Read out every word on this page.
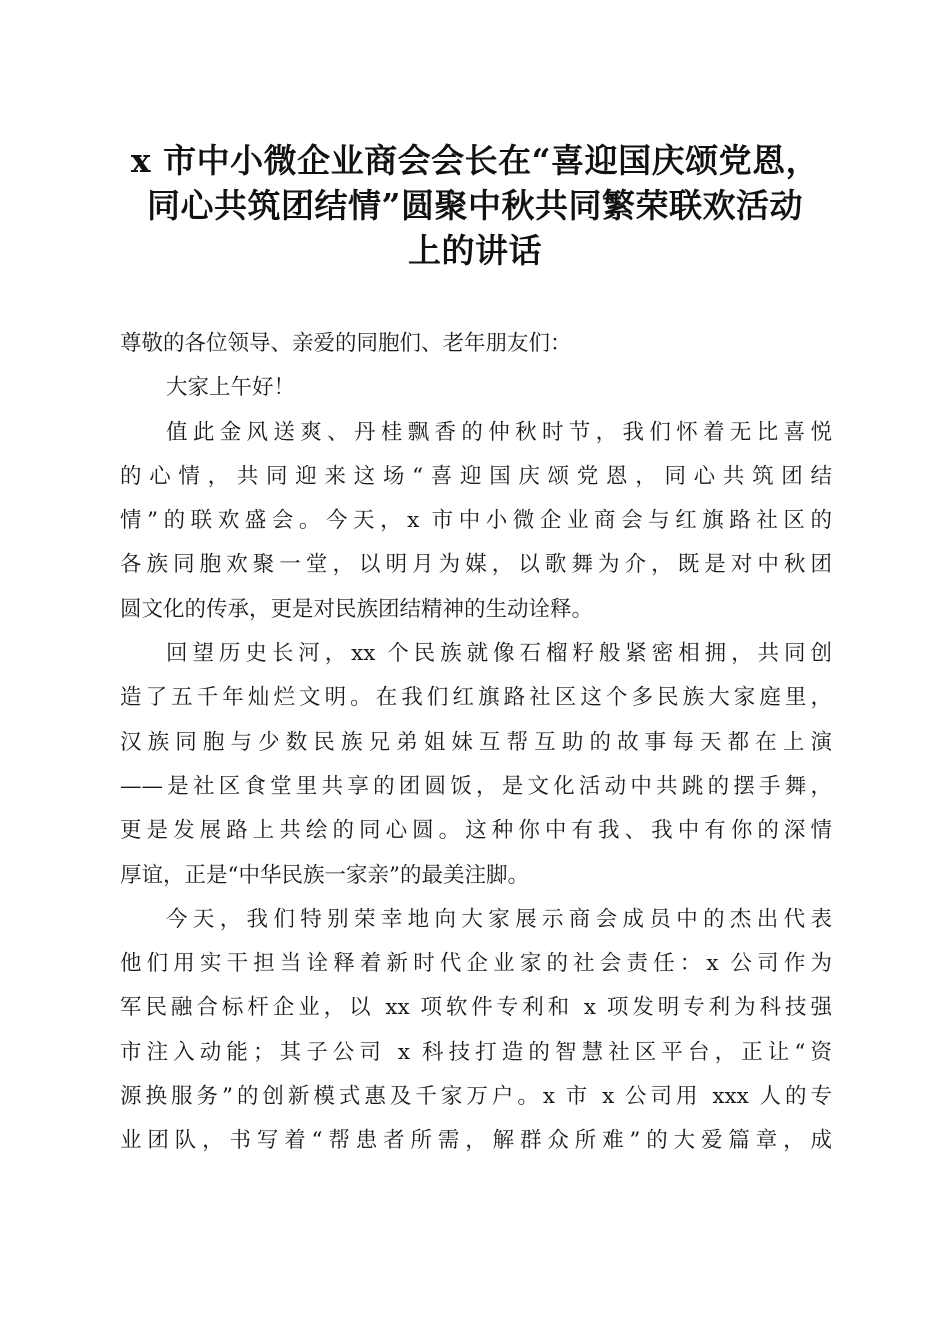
x 市中小微企业商会会长在“喜迎国庆颂党恩，
同心共筑团结情”圆聚中秋共同繁荣联欢活动
上的讲话

尊敬的各位领导、亲爱的同胞们、老年朋友们：

大家上午好！

值此金风送爽、丹桂飘香的仲秋时节，我们怀着无比喜悦
的心情，共同迎来这场“喜迎国庆颂党恩，同心共筑团结
情”的联欢盛会。今天，x 市中小微企业商会与红旗路社区的
各族同胞欢聚一堂，以明月为媒，以歌舞为介，既是对中秋团
圆文化的传承，更是对民族团结精神的生动诠释。

回望历史长河，xx 个民族就像石榴籽般紧密相拥，共同创
造了五千年灿烂文明。在我们红旗路社区这个多民族大家庭里，
汉族同胞与少数民族兄弟姐妹互帮互助的故事每天都在上演
——是社区食堂里共享的团圆饭，是文化活动中共跳的摆手舞，
更是发展路上共绘的同心圆。这种你中有我、我中有你的深情
厚谊，正是“中华民族一家亲”的最美注脚。

今天，我们特别荣幸地向大家展示商会成员中的杰出代表
他们用实干担当诠释着新时代企业家的社会责任：x 公司作为
军民融合标杆企业，以 xx 项软件专利和 x 项发明专利为科技强
市注入动能；其子公司 x 科技打造的智慧社区平台，正让“资
源换服务”的创新模式惠及千家万户。x 市 x 公司用 xxx 人的专
业团队，书写着“帮患者所需，解群众所难”的大爱篇章，成
